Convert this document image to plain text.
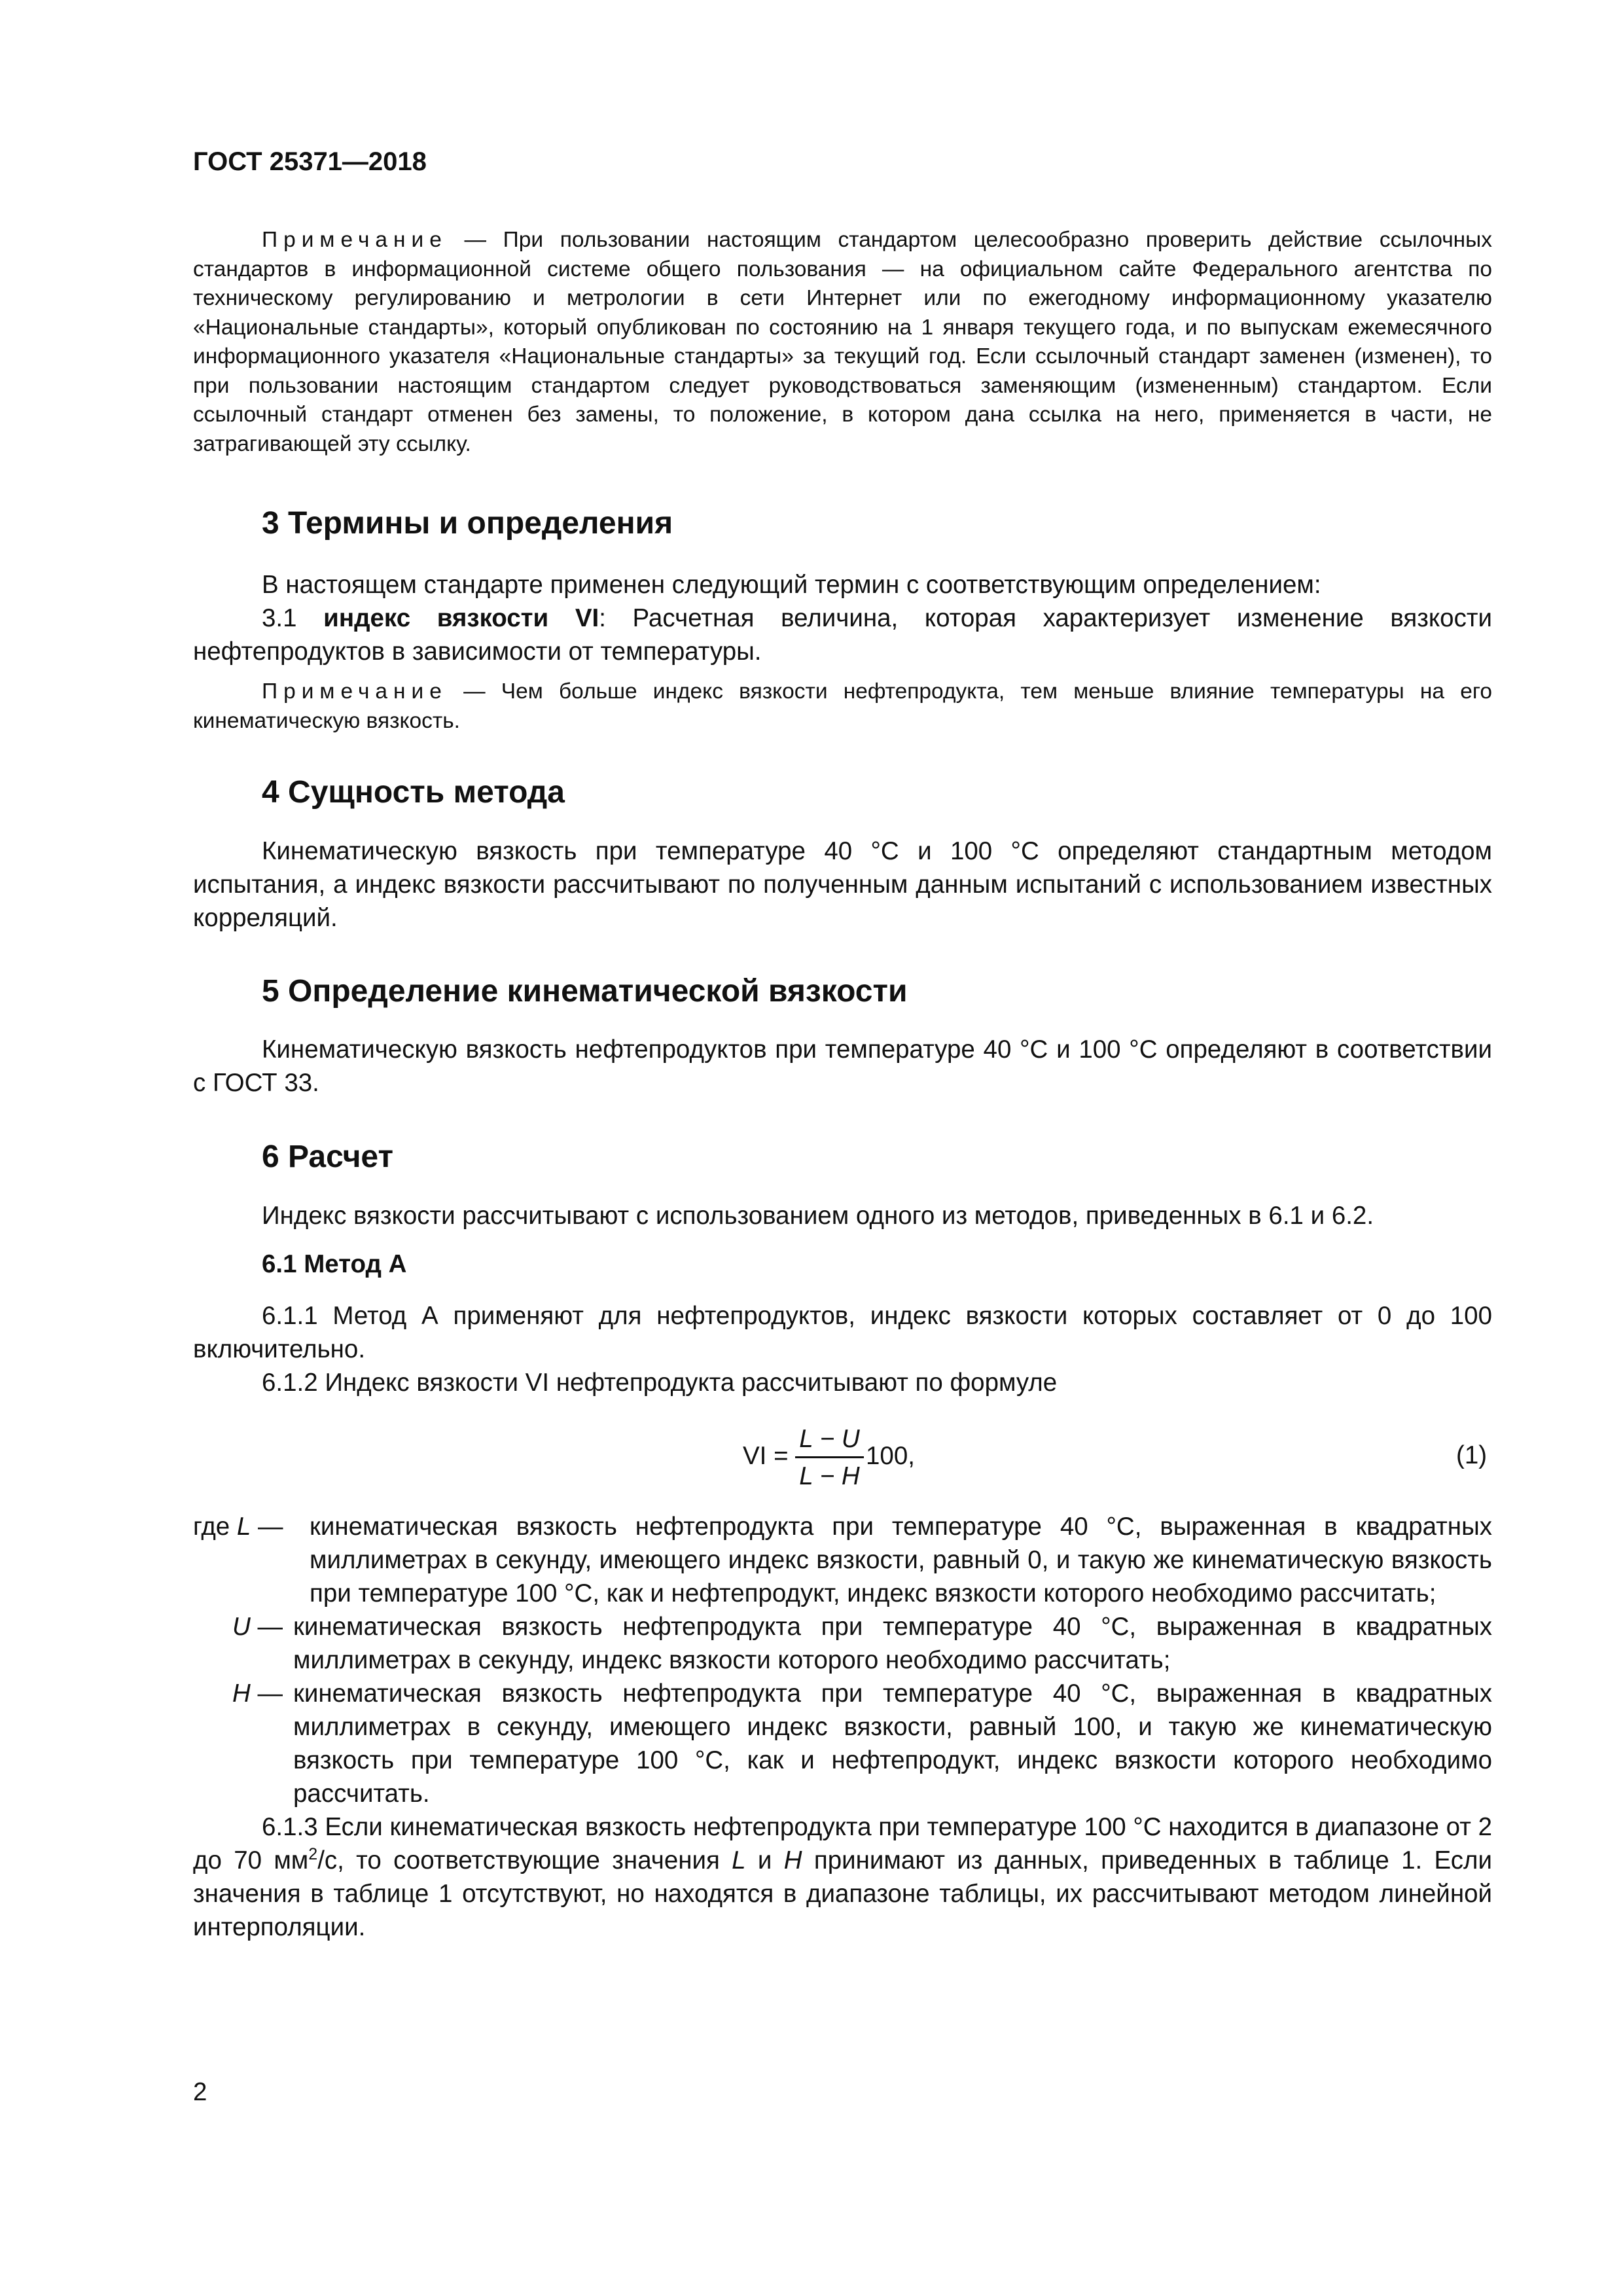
ГОСТ 25371—2018

Примечание — При пользовании настоящим стандартом целесообразно проверить действие ссылочных стандартов в информационной системе общего пользования — на официальном сайте Федерального агентства по техническому регулированию и метрологии в сети Интернет или по ежегодному информационному указателю «Национальные стандарты», который опубликован по состоянию на 1 января текущего года, и по выпускам ежемесячного информационного указателя «Национальные стандарты» за текущий год. Если ссылочный стандарт заменен (изменен), то при пользовании настоящим стандартом следует руководствоваться заменяющим (измененным) стандартом. Если ссылочный стандарт отменен без замены, то положение, в котором дана ссылка на него, применяется в части, не затрагивающей эту ссылку.

3 Термины и определения

В настоящем стандарте применен следующий термин с соответствующим определением:

3.1 индекс вязкости VI: Расчетная величина, которая характеризует изменение вязкости нефтепродуктов в зависимости от температуры.

Примечание — Чем больше индекс вязкости нефтепродукта, тем меньше влияние температуры на его кинематическую вязкость.

4 Сущность метода

Кинематическую вязкость при температуре 40 °С и 100 °С определяют стандартным методом испытания, а индекс вязкости рассчитывают по полученным данным испытаний с использованием известных корреляций.

5 Определение кинематической вязкости

Кинематическую вязкость нефтепродуктов при температуре 40 °С и 100 °С определяют в соответствии с ГОСТ 33.

6 Расчет

Индекс вязкости рассчитывают с использованием одного из методов, приведенных в 6.1 и 6.2.

6.1 Метод А

6.1.1 Метод А применяют для нефтепродуктов, индекс вязкости которых составляет от 0 до 100 включительно.

6.1.2 Индекс вязкости VI нефтепродукта рассчитывают по формуле

VI =
L − U
L − H
100,	(1)
где L — кинематическая вязкость нефтепродукта при температуре 40 °С, выраженная в квадратных миллиметрах в секунду, имеющего индекс вязкости, равный 0, и такую же кинематическую вязкость при температуре 100 °С, как и нефтепродукт, индекс вязкости которого необходимо рассчитать;
U — кинематическая вязкость нефтепродукта при температуре 40 °С, выраженная в квадратных миллиметрах в секунду, индекс вязкости которого необходимо рассчитать;
H — кинематическая вязкость нефтепродукта при температуре 40 °С, выраженная в квадратных миллиметрах в секунду, имеющего индекс вязкости, равный 100, и такую же кинематическую вязкость при температуре 100 °С, как и нефтепродукт, индекс вязкости которого необходимо рассчитать.

6.1.3 Если кинематическая вязкость нефтепродукта при температуре 100 °С находится в диапазоне от 2 до 70 $мм^2/с$, то соответствующие значения L и H принимают из данных, приведенных в таблице 1. Если значения в таблице 1 отсутствуют, но находятся в диапазоне таблицы, их рассчитывают методом линейной интерполяции.

2
